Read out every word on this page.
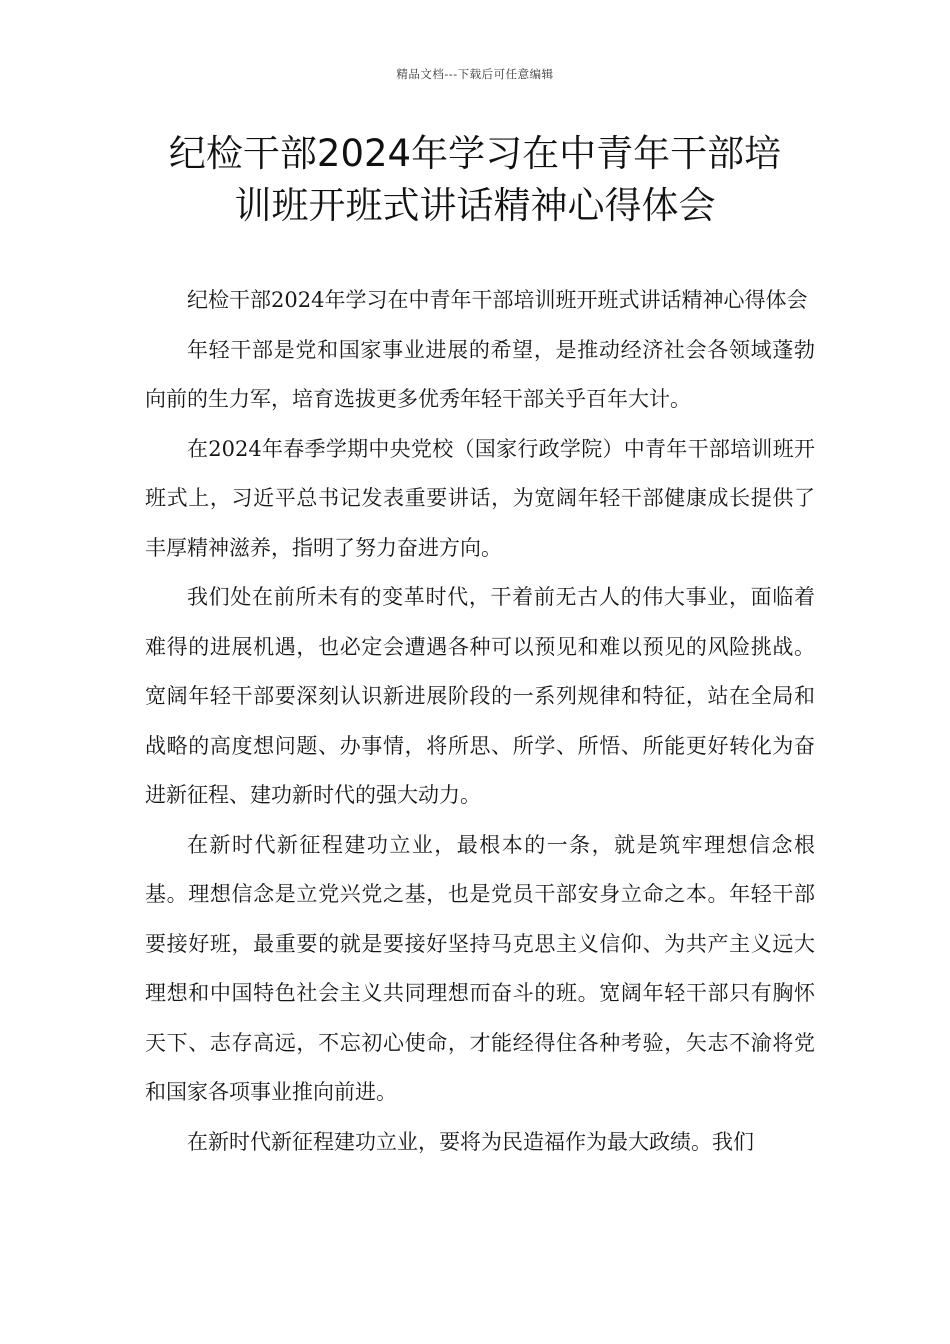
精品文档---下载后可任意编辑
纪检干部2024年学习在中青年干部培
训班开班式讲话精神心得体会

纪检干部2024年学习在中青年干部培训班开班式讲话精神心得体会

年轻干部是党和国家事业进展的希望，是推动经济社会各领域蓬勃向前的生力军，培育选拔更多优秀年轻干部关乎百年大计。

在2024年春季学期中央党校（国家行政学院）中青年干部培训班开班式上，习近平总书记发表重要讲话，为宽阔年轻干部健康成长提供了丰厚精神滋养，指明了努力奋进方向。

我们处在前所未有的变革时代，干着前无古人的伟大事业，面临着难得的进展机遇，也必定会遭遇各种可以预见和难以预见的风险挑战。宽阔年轻干部要深刻认识新进展阶段的一系列规律和特征，站在全局和战略的高度想问题、办事情，将所思、所学、所悟、所能更好转化为奋进新征程、建功新时代的强大动力。

在新时代新征程建功立业，最根本的一条，就是筑牢理想信念根基。理想信念是立党兴党之基，也是党员干部安身立命之本。年轻干部要接好班，最重要的就是要接好坚持马克思主义信仰、为共产主义远大理想和中国特色社会主义共同理想而奋斗的班。宽阔年轻干部只有胸怀天下、志存高远，不忘初心使命，才能经得住各种考验，矢志不渝将党和国家各项事业推向前进。

在新时代新征程建功立业，要将为民造福作为最大政绩。我们
